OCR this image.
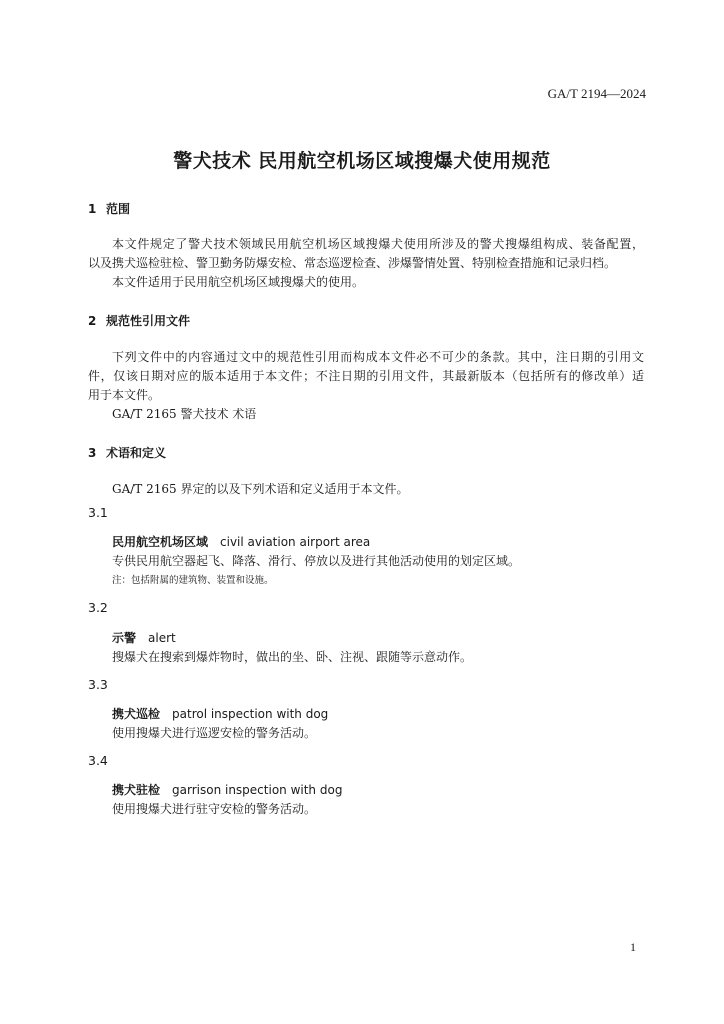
GA/T 2194—2024
警犬技术 民用航空机场区域搜爆犬使用规范
1 范围
本文件规定了警犬技术领域民用航空机场区域搜爆犬使用所涉及的警犬搜爆组构成、装备配置，
以及携犬巡检驻检、警卫勤务防爆安检、常态巡逻检查、涉爆警情处置、特别检查措施和记录归档。
本文件适用于民用航空机场区域搜爆犬的使用。
2 规范性引用文件
下列文件中的内容通过文中的规范性引用而构成本文件必不可少的条款。其中，注日期的引用文
件，仅该日期对应的版本适用于本文件；不注日期的引用文件，其最新版本（包括所有的修改单）适
用于本文件。
GA/T 2165 警犬技术 术语
3 术语和定义
GA/T 2165 界定的以及下列术语和定义适用于本文件。
3.1
民用航空机场区域 civil aviation airport area
专供民用航空器起飞、降落、滑行、停放以及进行其他活动使用的划定区域。
注：包括附属的建筑物、装置和设施。
3.2
示警 alert
搜爆犬在搜索到爆炸物时，做出的坐、卧、注视、跟随等示意动作。
3.3
携犬巡检 patrol inspection with dog
使用搜爆犬进行巡逻安检的警务活动。
3.4
携犬驻检 garrison inspection with dog
使用搜爆犬进行驻守安检的警务活动。
1
